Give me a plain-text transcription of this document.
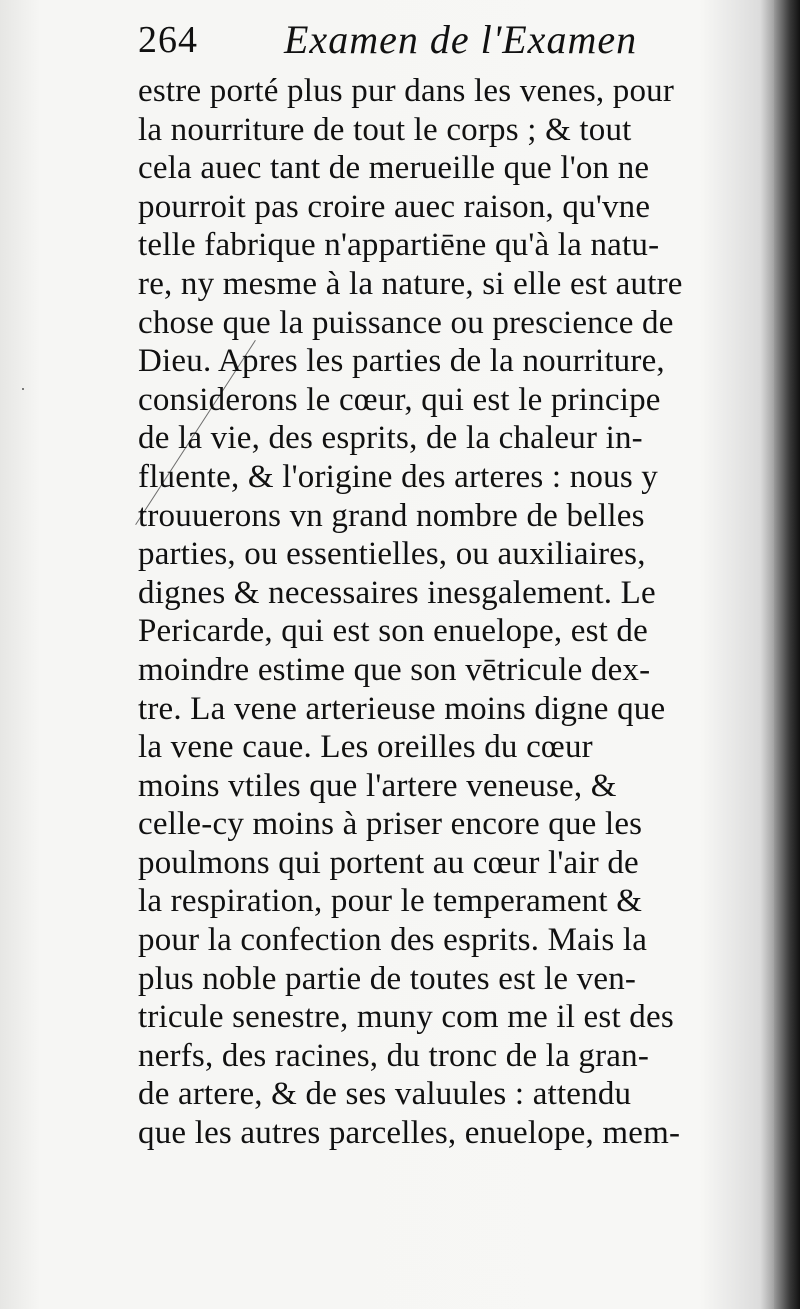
264 Examen de l'Examen
estre porté plus pur dans les venes, pour
la nourriture de tout le corps ; & tout
cela auec tant de merueille que l'on ne
pourroit pas croire auec raison, qu'vne
telle fabrique n'appartiēne qu'à la natu-
re, ny mesme à la nature, si elle est autre
chose que la puissance ou prescience de
Dieu. Apres les parties de la nourriture,
considerons le cœur, qui est le principe
de la vie, des esprits, de la chaleur in-
fluente, & l'origine des arteres : nous y
trouuerons vn grand nombre de belles
parties, ou essentielles, ou auxiliaires,
dignes & necessaires inesgalement. Le
Pericarde, qui est son enuelope, est de
moindre estime que son vētricule dex-
tre. La vene arterieuse moins digne que
la vene caue. Les oreilles du cœur
moins vtiles que l'artere veneuse, &
celle-cy moins à priser encore que les
poulmons qui portent au cœur l'air de
la respiration, pour le temperament &
pour la confection des esprits. Mais la
plus noble partie de toutes est le ven-
tricule senestre, muny com me il est des
nerfs, des racines, du tronc de la gran-
de artere, & de ses valuules : attendu
que les autres parcelles, enuelope, mem-
